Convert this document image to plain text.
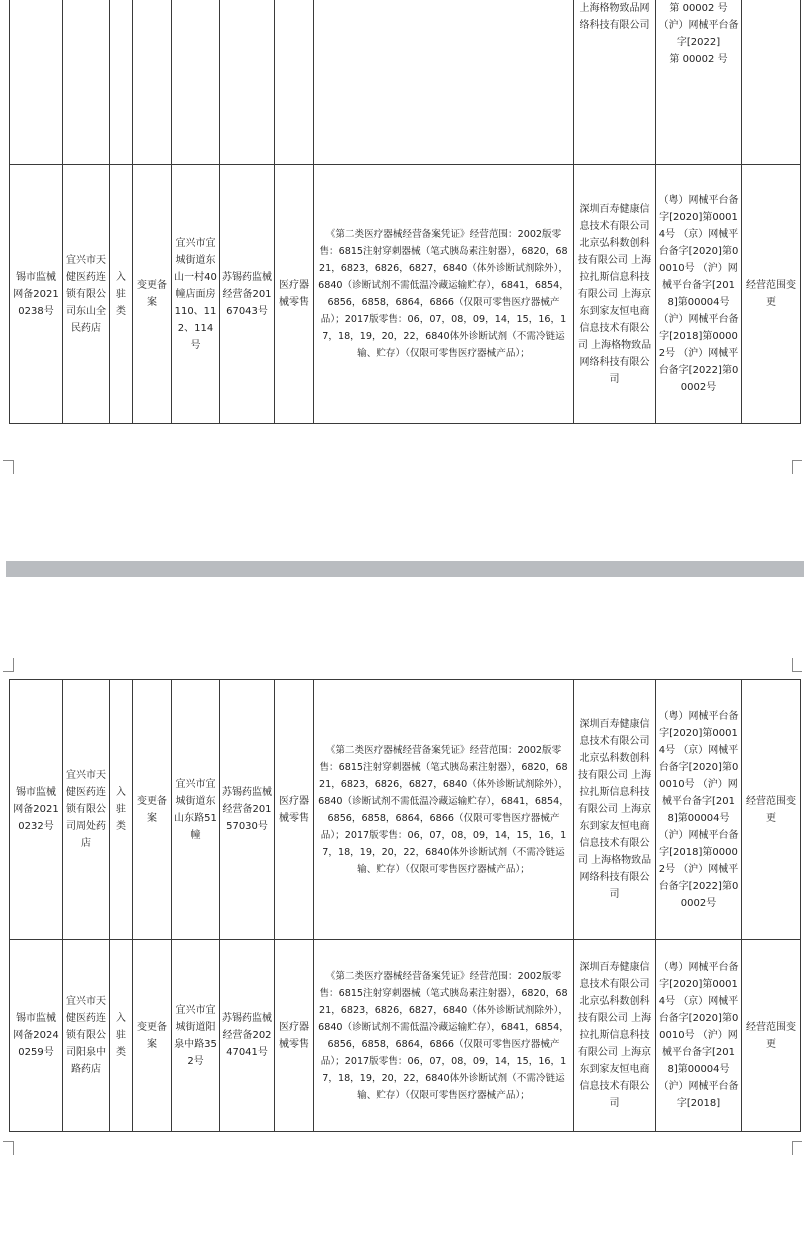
								上海格物致品网络科技有限公司	第 00002 号
（沪）网械平台备字[2022]
第 00002 号	

锡市监械网备20210238号	宜兴市天健医药连锁有限公司东山全民药店	入驻类	变更备案	宜兴市宜城街道东山一村40幢店面房110、112、114号	苏锡药监械经营备20167043号	医疗器械零售	《第二类医疗器械经营备案凭证》经营范围：2002版零售：6815注射穿刺器械（笔式胰岛素注射器），6820，6821，6823，6826，6827，6840（体外诊断试剂除外），6840（诊断试剂不需低温冷藏运输贮存），6841，6854，6856，6858，6864，6866（仅限可零售医疗器械产品）；2017版零售：06，07，08，09，14，15，16，17，18，19，20，22，6840体外诊断试剂（不需冷链运输、贮存）（仅限可零售医疗器械产品）；	深圳百寿健康信息技术有限公司 北京弘科数创科技有限公司 上海拉扎斯信息科技有限公司 上海京东到家友恒电商信息技术有限公司 上海格物致品网络科技有限公司	（粤）网械平台备字[2020]第00014号 （京）网械平台备字[2020]第00010号 （沪）网械平台备字[2018]第00004号 （沪）网械平台备字[2018]第00002号 （沪）网械平台备字[2022]第00002号	经营范围变更
锡市监械网备20210232号	宜兴市天健医药连锁有限公司周处药店	入驻类	变更备案	宜兴市宜城街道东山东路51幢	苏锡药监械经营备20157030号	医疗器械零售	《第二类医疗器械经营备案凭证》经营范围：2002版零售：6815注射穿刺器械（笔式胰岛素注射器），6820，6821，6823，6826，6827，6840（体外诊断试剂除外），6840（诊断试剂不需低温冷藏运输贮存），6841，6854，6856，6858，6864，6866（仅限可零售医疗器械产品）；2017版零售：06，07，08，09，14，15，16，17，18，19，20，22，6840体外诊断试剂（不需冷链运输、贮存）（仅限可零售医疗器械产品）；	深圳百寿健康信息技术有限公司 北京弘科数创科技有限公司 上海拉扎斯信息科技有限公司 上海京东到家友恒电商信息技术有限公司 上海格物致品网络科技有限公司	（粤）网械平台备字[2020]第00014号 （京）网械平台备字[2020]第00010号 （沪）网械平台备字[2018]第00004号 （沪）网械平台备字[2018]第00002号 （沪）网械平台备字[2022]第00002号	经营范围变更
锡市监械网备20240259号	宜兴市天健医药连锁有限公司阳泉中路药店	入驻类	变更备案	宜兴市宜城街道阳泉中路352号	苏锡药监械经营备20247041号	医疗器械零售	《第二类医疗器械经营备案凭证》经营范围：2002版零售：6815注射穿刺器械（笔式胰岛素注射器），6820，6821，6823，6826，6827，6840（体外诊断试剂除外），6840（诊断试剂不需低温冷藏运输贮存），6841，6854，6856，6858，6864，6866（仅限可零售医疗器械产品）；2017版零售：06，07，08，09，14，15，16，17，18，19，20，22，6840体外诊断试剂（不需冷链运输、贮存）（仅限可零售医疗器械产品）；	深圳百寿健康信息技术有限公司 北京弘科数创科技有限公司 上海拉扎斯信息科技有限公司 上海京东到家友恒电商信息技术有限公司	（粤）网械平台备字[2020]第00014号 （京）网械平台备字[2020]第00010号 （沪）网械平台备字[2018]第00004号 （沪）网械平台备字[2018]	经营范围变更
